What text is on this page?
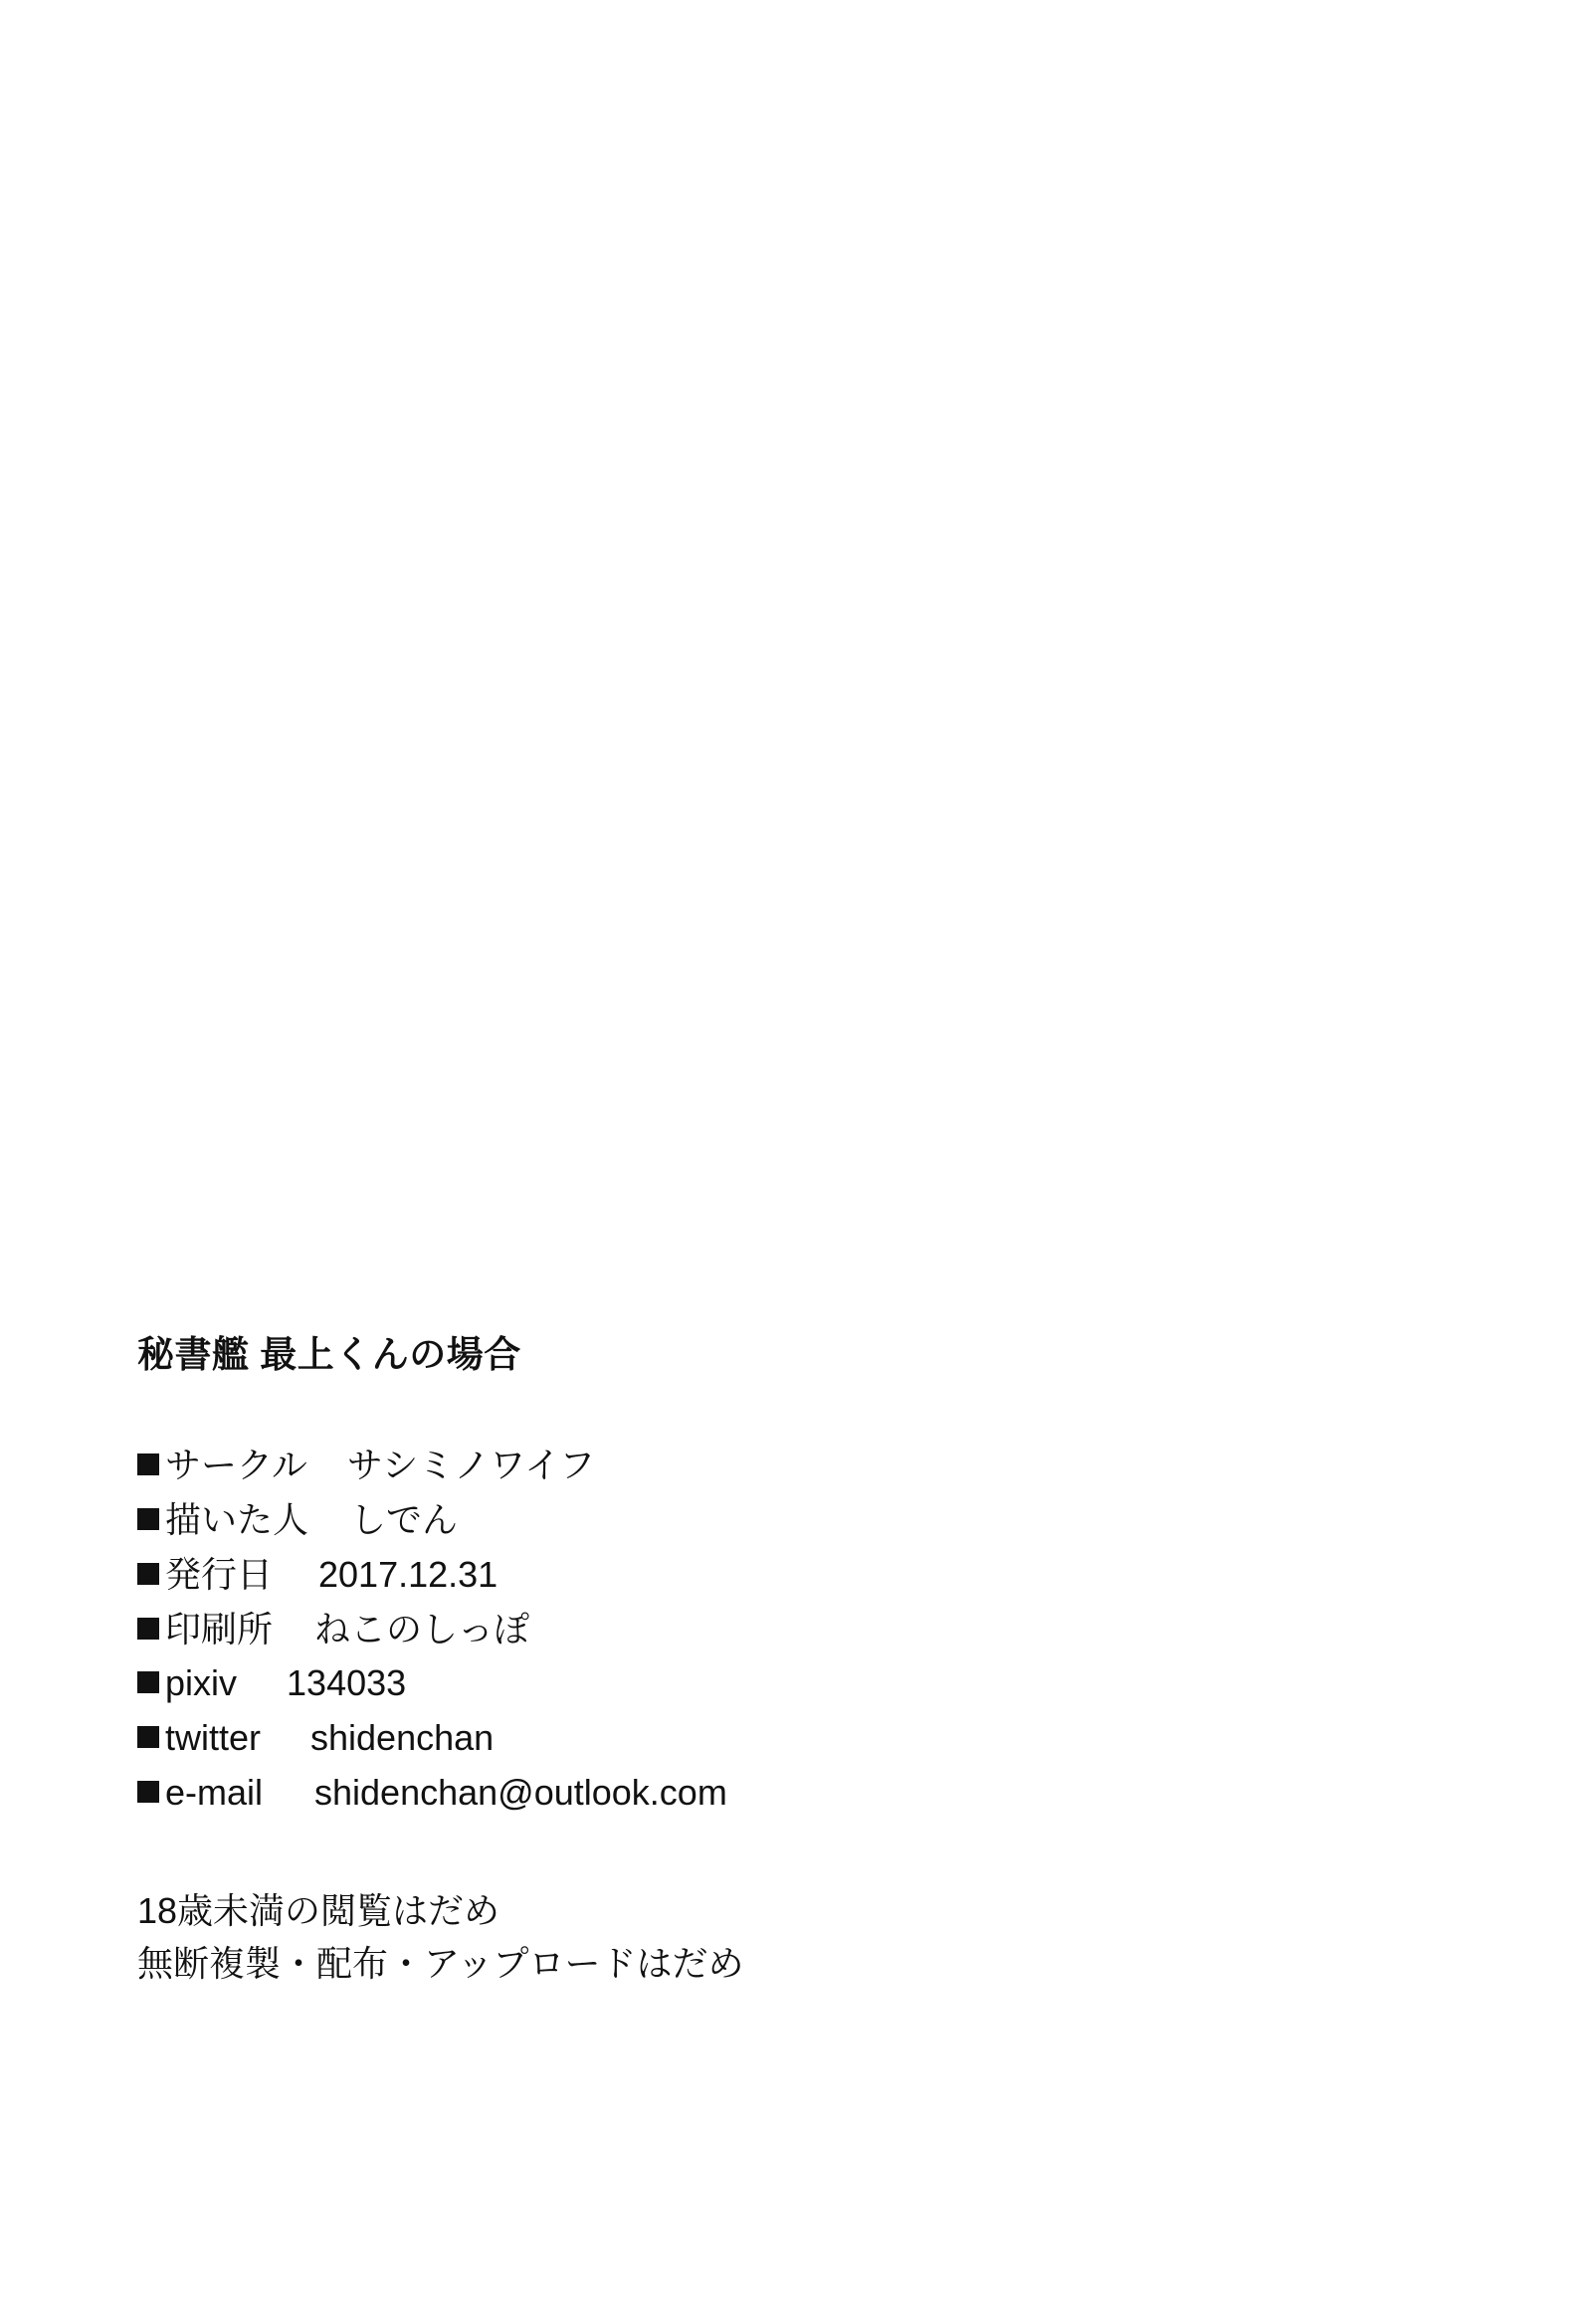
秘書艦 最上くんの場合
サークル サシミノワイフ
描いた人 しでん
発行日 2017.12.31
印刷所 ねこのしっぽ
pixiv 134033
twitter shidenchan
e-mail shidenchan@outlook.com
18歳未満の閲覧はだめ
無断複製・配布・アップロードはだめ
